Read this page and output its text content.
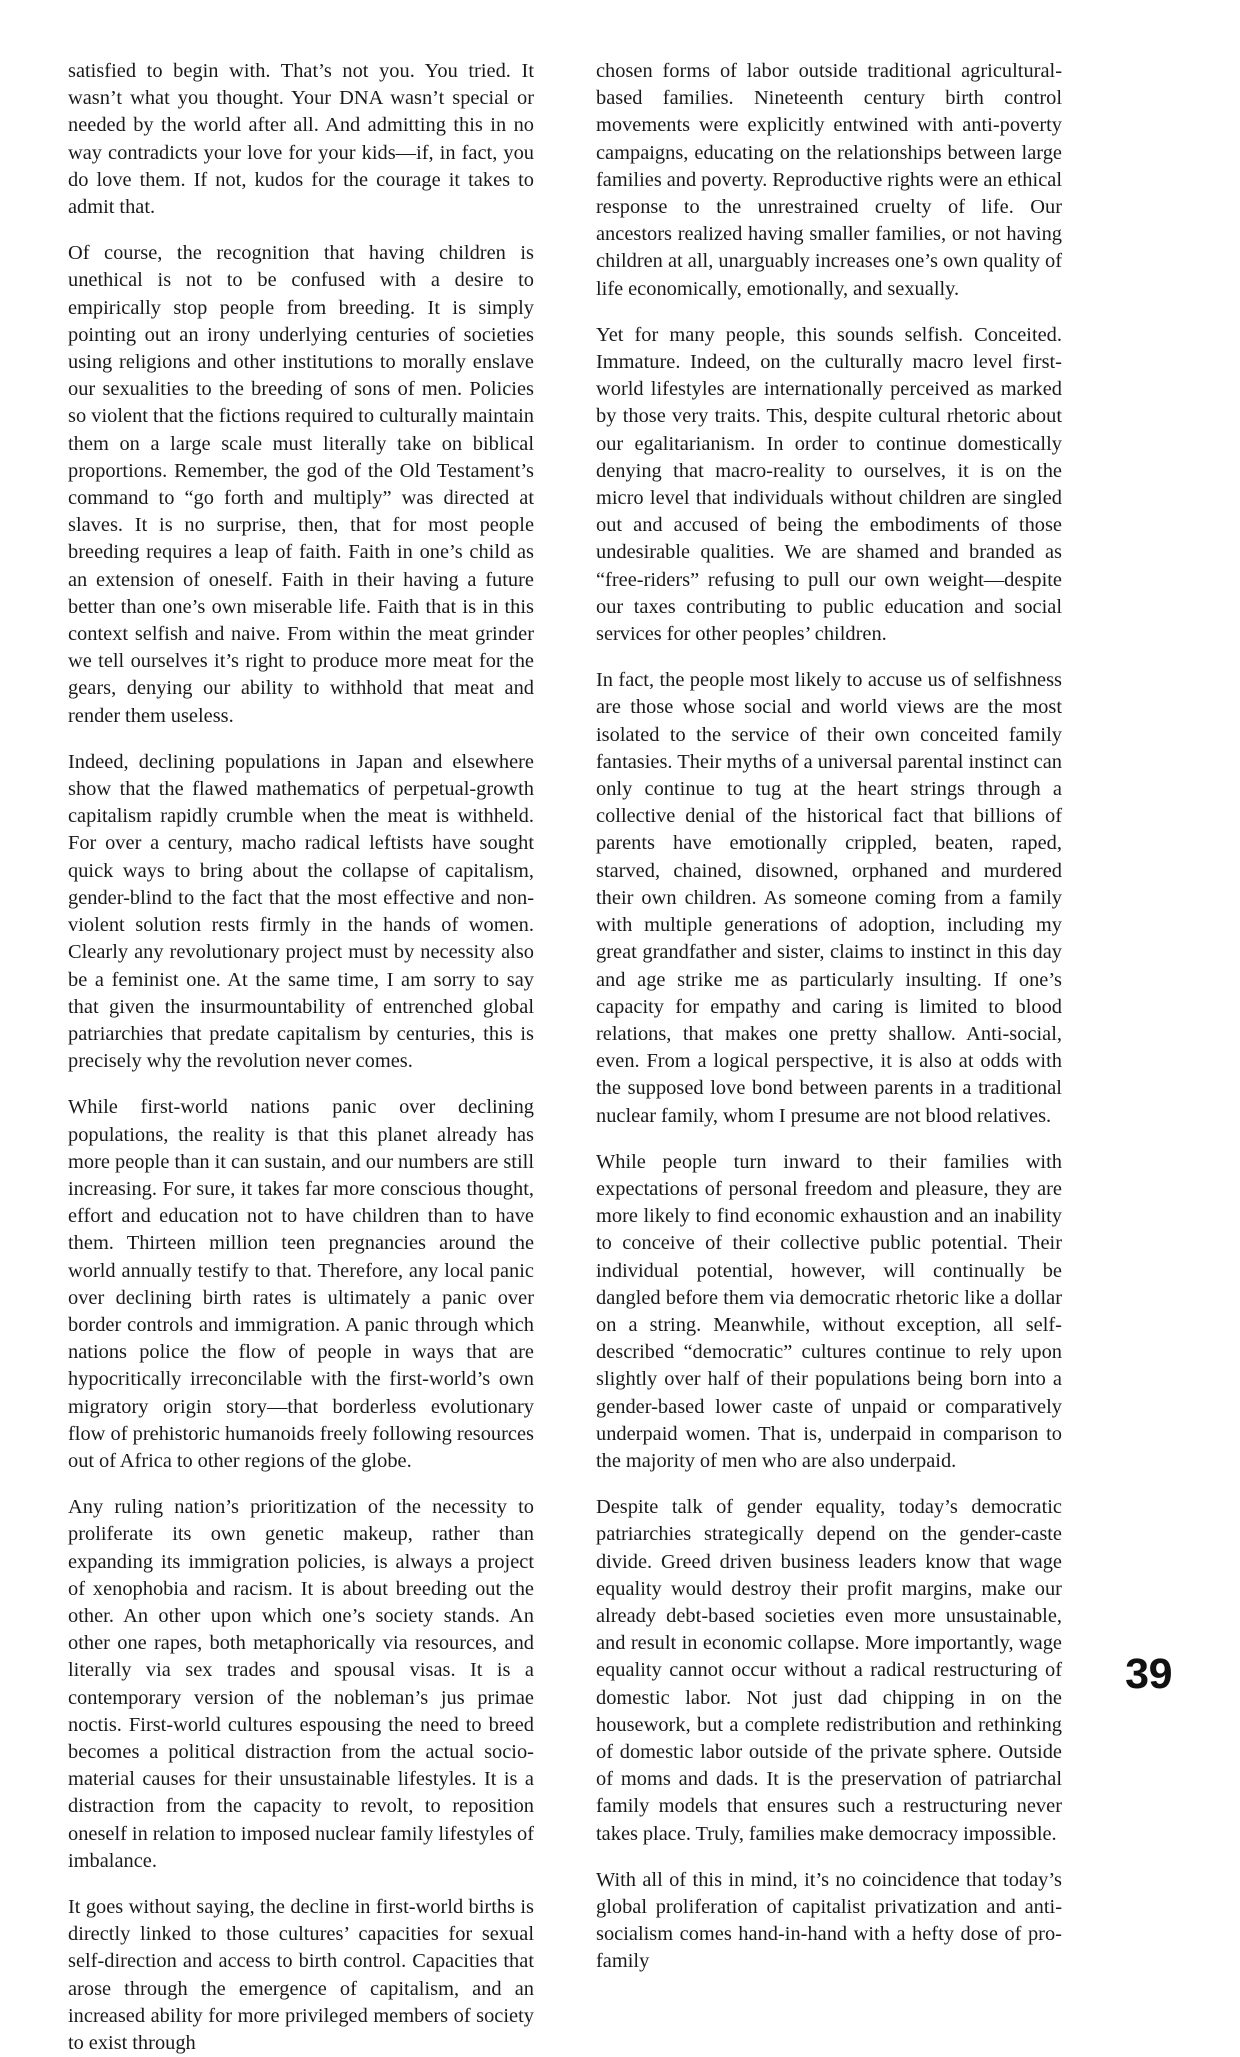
satisfied to begin with. That’s not you. You tried. It wasn’t what you thought. Your DNA wasn’t special or needed by the world after all. And admitting this in no way contradicts your love for your kids—if, in fact, you do love them. If not, kudos for the courage it takes to admit that.

Of course, the recognition that having children is unethical is not to be confused with a desire to empirically stop people from breeding. It is simply pointing out an irony underlying centuries of societies using religions and other institutions to morally enslave our sexualities to the breeding of sons of men. Policies so violent that the fictions required to culturally maintain them on a large scale must literally take on biblical proportions. Remember, the god of the Old Testament’s command to “go forth and multiply” was directed at slaves. It is no surprise, then, that for most people breeding requires a leap of faith. Faith in one’s child as an extension of oneself. Faith in their having a future better than one’s own miserable life. Faith that is in this context selfish and naive. From within the meat grinder we tell ourselves it’s right to produce more meat for the gears, denying our ability to withhold that meat and render them useless.

Indeed, declining populations in Japan and elsewhere show that the flawed mathematics of perpetual-growth capitalism rapidly crumble when the meat is withheld. For over a century, macho radical leftists have sought quick ways to bring about the collapse of capitalism, gender-blind to the fact that the most effective and non-violent solution rests firmly in the hands of women. Clearly any revolutionary project must by necessity also be a feminist one. At the same time, I am sorry to say that given the insurmountability of entrenched global patriarchies that predate capitalism by centuries, this is precisely why the revolution never comes.

While first-world nations panic over declining populations, the reality is that this planet already has more people than it can sustain, and our numbers are still increasing. For sure, it takes far more conscious thought, effort and education not to have children than to have them. Thirteen million teen pregnancies around the world annually testify to that. Therefore, any local panic over declining birth rates is ultimately a panic over border controls and immigration. A panic through which nations police the flow of people in ways that are hypocritically irreconcilable with the first-world’s own migratory origin story—that borderless evolutionary flow of prehistoric humanoids freely following resources out of Africa to other regions of the globe.

Any ruling nation’s prioritization of the necessity to proliferate its own genetic makeup, rather than expanding its immigration policies, is always a project of xenophobia and racism. It is about breeding out the other. An other upon which one’s society stands. An other one rapes, both metaphorically via resources, and literally via sex trades and spousal visas. It is a contemporary version of the nobleman’s jus primae noctis. First-world cultures espousing the need to breed becomes a political distraction from the actual socio-material causes for their unsustainable lifestyles. It is a distraction from the capacity to revolt, to reposition oneself in relation to imposed nuclear family lifestyles of imbalance.

It goes without saying, the decline in first-world births is directly linked to those cultures’ capacities for sexual self-direction and access to birth control. Capacities that arose through the emergence of capitalism, and an increased ability for more privileged members of society to exist through

chosen forms of labor outside traditional agricultural-based families. Nineteenth century birth control movements were explicitly entwined with anti-poverty campaigns, educating on the relationships between large families and poverty. Reproductive rights were an ethical response to the unrestrained cruelty of life. Our ancestors realized having smaller families, or not having children at all, unarguably increases one’s own quality of life economically, emotionally, and sexually.

Yet for many people, this sounds selfish. Conceited. Immature. Indeed, on the culturally macro level first-world lifestyles are internationally perceived as marked by those very traits. This, despite cultural rhetoric about our egalitarianism. In order to continue domestically denying that macro-reality to ourselves, it is on the micro level that individuals without children are singled out and accused of being the embodiments of those undesirable qualities. We are shamed and branded as “free-riders” refusing to pull our own weight—despite our taxes contributing to public education and social services for other peoples’ children.

In fact, the people most likely to accuse us of selfishness are those whose social and world views are the most isolated to the service of their own conceited family fantasies. Their myths of a universal parental instinct can only continue to tug at the heart strings through a collective denial of the historical fact that billions of parents have emotionally crippled, beaten, raped, starved, chained, disowned, orphaned and murdered their own children. As someone coming from a family with multiple generations of adoption, including my great grandfather and sister, claims to instinct in this day and age strike me as particularly insulting. If one’s capacity for empathy and caring is limited to blood relations, that makes one pretty shallow. Anti-social, even. From a logical perspective, it is also at odds with the supposed love bond between parents in a traditional nuclear family, whom I presume are not blood relatives.

While people turn inward to their families with expectations of personal freedom and pleasure, they are more likely to find economic exhaustion and an inability to conceive of their collective public potential. Their individual potential, however, will continually be dangled before them via democratic rhetoric like a dollar on a string. Meanwhile, without exception, all self-described “democratic” cultures continue to rely upon slightly over half of their populations being born into a gender-based lower caste of unpaid or comparatively underpaid women. That is, underpaid in comparison to the majority of men who are also underpaid.

Despite talk of gender equality, today’s democratic patriarchies strategically depend on the gender-caste divide. Greed driven business leaders know that wage equality would destroy their profit margins, make our already debt-based societies even more unsustainable, and result in economic collapse. More importantly, wage equality cannot occur without a radical restructuring of domestic labor. Not just dad chipping in on the housework, but a complete redistribution and rethinking of domestic labor outside of the private sphere. Outside of moms and dads. It is the preservation of patriarchal family models that ensures such a restructuring never takes place. Truly, families make democracy impossible.

With all of this in mind, it’s no coincidence that today’s global proliferation of capitalist privatization and anti-socialism comes hand-in-hand with a hefty dose of pro-family

39
